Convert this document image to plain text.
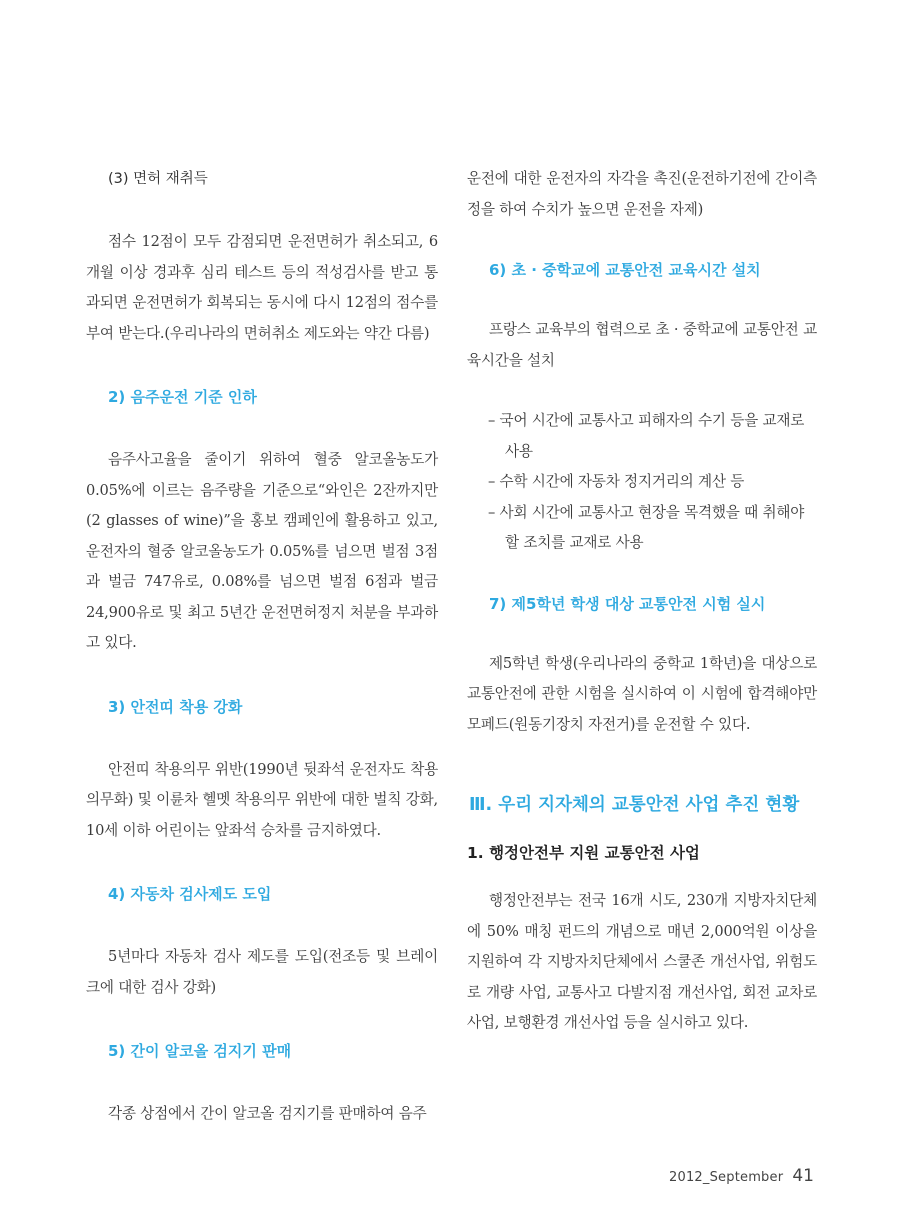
(3) 면허 재취득

점수 12점이 모두 감점되면 운전면허가 취소되고, 6개월 이상 경과후 심리 테스트 등의 적성검사를 받고 통과되면 운전면허가 회복되는 동시에 다시 12점의 점수를 부여 받는다.(우리나라의 면허취소 제도와는 약간 다름)

2) 음주운전 기준 인하

음주사고율을 줄이기 위하여 혈중 알코올농도가 0.05%에 이르는 음주량을 기준으로“와인은 2잔까지만 (2 glasses of wine)”을 홍보 캠페인에 활용하고 있고, 운전자의 혈중 알코올농도가 0.05%를 넘으면 벌점 3점과 벌금 747유로, 0.08%를 넘으면 벌점 6점과 벌금 24,900유로 및 최고 5년간 운전면허정지 처분을 부과하고 있다.

3) 안전띠 착용 강화

안전띠 착용의무 위반(1990년 뒷좌석 운전자도 착용의무화) 및 이륜차 헬멧 착용의무 위반에 대한 벌칙 강화, 10세 이하 어린이는 앞좌석 승차를 금지하였다.

4) 자동차 검사제도 도입

5년마다 자동차 검사 제도를 도입(전조등 및 브레이크에 대한 검사 강화)

5) 간이 알코올 검지기 판매

각종 상점에서 간이 알코올 검지기를 판매하여 음주

운전에 대한 운전자의 자각을 촉진(운전하기전에 간이측정을 하여 수치가 높으면 운전을 자제)

6) 초 · 중학교에 교통안전 교육시간 설치

프랑스 교육부의 협력으로 초 · 중학교에 교통안전 교육시간을 설치

– 국어 시간에 교통사고 피해자의 수기 등을 교재로 사용
– 수학 시간에 자동차 정지거리의 계산 등
– 사회 시간에 교통사고 현장을 목격했을 때 취해야 할 조치를 교재로 사용

7) 제5학년 학생 대상 교통안전 시험 실시

제5학년 학생(우리나라의 중학교 1학년)을 대상으로 교통안전에 관한 시험을 실시하여 이 시험에 합격해야만 모페드(원동기장치 자전거)를 운전할 수 있다.

Ⅲ. 우리 지자체의 교통안전 사업 추진 현황

1. 행정안전부 지원 교통안전 사업

행정안전부는 전국 16개 시도, 230개 지방자치단체에 50% 매칭 펀드의 개념으로 매년 2,000억원 이상을 지원하여 각 지방자치단체에서 스쿨존 개선사업, 위험도로 개량 사업, 교통사고 다발지점 개선사업, 회전 교차로사업, 보행환경 개선사업 등을 실시하고 있다.

2012_September 41
